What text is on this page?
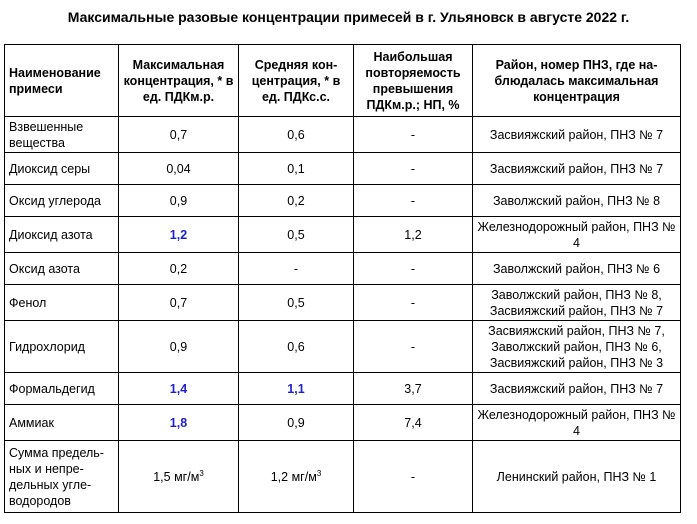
Максимальные разовые концентрации примесей в г. Ульяновск в августе 2022 г.
Наименование примеси	Максимальная концентрация, * в ед. ПДКм.р.	Средняя кон-центрация, * в ед. ПДКс.с.	Наибольшая повторяемость превышения ПДКм.р.; НП, %	Район, номер ПНЗ, где на-блюдалась максимальная концентрация
Взвешенные вещества	0,7	0,6	-	Засвияжский район, ПНЗ № 7
Диоксид серы	0,04	0,1	-	Засвияжский район, ПНЗ № 7
Оксид углерода	0,9	0,2	-	Заволжский район, ПНЗ № 8
Диоксид азота	1,2	0,5	1,2	Железнодорожный район, ПНЗ № 4
Оксид азота	0,2	-	-	Заволжский район, ПНЗ № 6
Фенол	0,7	0,5	-	Заволжский район, ПНЗ № 8, Засвияжский район, ПНЗ № 7
Гидрохлорид	0,9	0,6	-	Засвияжский район, ПНЗ № 7, Заволжский район, ПНЗ № 6, Засвияжский район, ПНЗ № 3
Формальдегид	1,4	1,1	3,7	Засвияжский район, ПНЗ № 7
Аммиак	1,8	0,9	7,4	Железнодорожный район, ПНЗ № 4
Сумма предель-ных и непре-дельных угле-водородов	1,5 $мг/м^3$	1,2 $мг/м^3$	-	Ленинский район, ПНЗ № 1
